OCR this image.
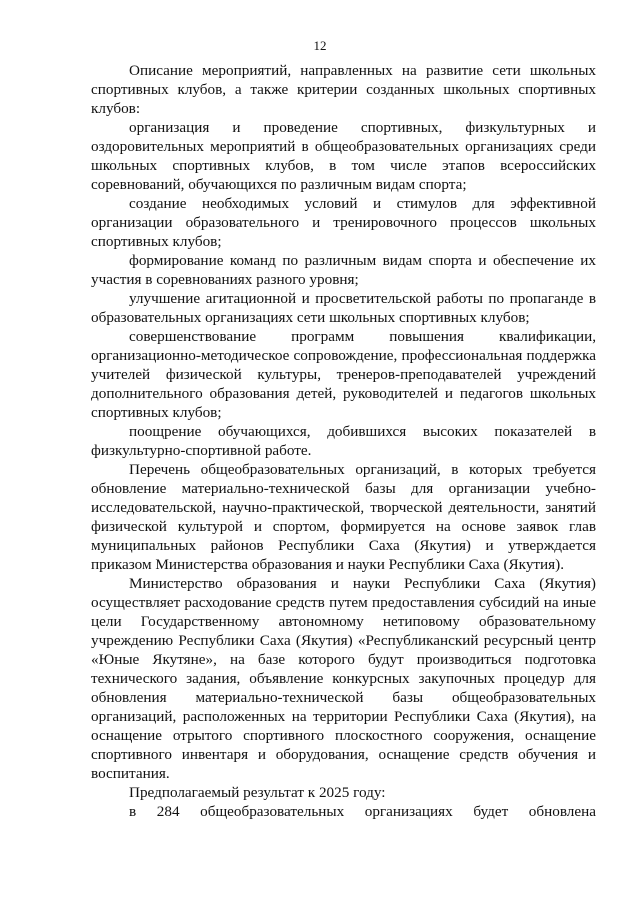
12

Описание мероприятий, направленных на развитие сети школьных спортивных клубов, а также критерии созданных школьных спортивных клубов:

организация и проведение спортивных, физкультурных и оздоровительных мероприятий в общеобразовательных организациях среди школьных спортивных клубов, в том числе этапов всероссийских соревнований, обучающихся по различным видам спорта;

создание необходимых условий и стимулов для эффективной организации образовательного и тренировочного процессов школьных спортивных клубов;

формирование команд по различным видам спорта и обеспечение их участия в соревнованиях разного уровня;

улучшение агитационной и просветительской работы по пропаганде в образовательных организациях сети школьных спортивных клубов;

совершенствование программ повышения квалификации, организационно-методическое сопровождение, профессиональная поддержка учителей физической культуры, тренеров-преподавателей учреждений дополнительного образования детей, руководителей и педагогов школьных спортивных клубов;

поощрение обучающихся, добившихся высоких показателей в физкультурно-спортивной работе.

Перечень общеобразовательных организаций, в которых требуется обновление материально-технической базы для организации учебно-исследовательской, научно-практической, творческой деятельности, занятий физической культурой и спортом, формируется на основе заявок глав муниципальных районов Республики Саха (Якутия) и утверждается приказом Министерства образования и науки Республики Саха (Якутия).

Министерство образования и науки Республики Саха (Якутия) осуществляет расходование средств путем предоставления субсидий на иные цели Государственному автономному нетиповому образовательному учреждению Республики Саха (Якутия) «Республиканский ресурсный центр «Юные Якутяне», на базе которого будут производиться подготовка технического задания, объявление конкурсных закупочных процедур для обновления материально-технической базы общеобразовательных организаций, расположенных на территории Республики Саха (Якутия), на оснащение отрытого спортивного плоскостного сооружения, оснащение спортивного инвентаря и оборудования, оснащение средств обучения и воспитания.

Предполагаемый результат к 2025 году:

в 284 общеобразовательных организациях будет обновлена
